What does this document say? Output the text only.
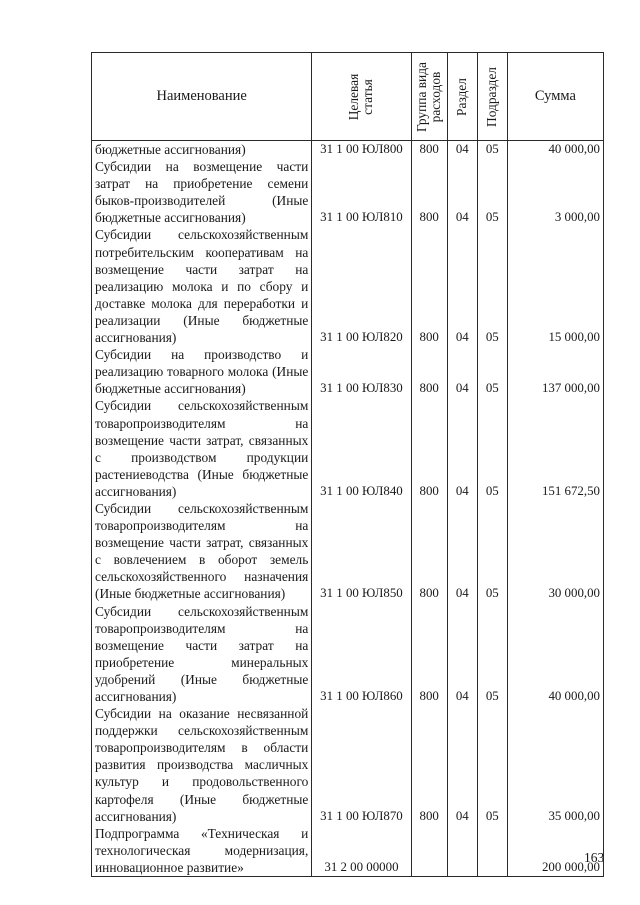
Наименование	Целевая статья	Группа вида расходов	Раздел	Подраздел	Сумма
бюджетные ассигнования)	31 1 00 ЮЛ800	800	04	05	40 000,00
Субсидии на возмещение части затрат на приобретение семени быков-производителей (Иные бюджетные ассигнования)	31 1 00 ЮЛ810	800	04	05	3 000,00
Субсидии сельскохозяйственным потребительским кооперативам на возмещение части затрат на реализацию молока и по сбору и доставке молока для переработки и реализации (Иные бюджетные ассигнования)	31 1 00 ЮЛ820	800	04	05	15 000,00
Субсидии на производство и реализацию товарного молока (Иные бюджетные ассигнования)	31 1 00 ЮЛ830	800	04	05	137 000,00
Субсидии сельскохозяйственным товаропроизводителям на возмещение части затрат, связанных с производством продукции растениеводства (Иные бюджетные ассигнования)	31 1 00 ЮЛ840	800	04	05	151 672,50
Субсидии сельскохозяйственным товаропроизводителям на возмещение части затрат, связанных с вовлечением в оборот земель сельскохозяйственного назначения (Иные бюджетные ассигнования)	31 1 00 ЮЛ850	800	04	05	30 000,00
Субсидии сельскохозяйственным товаропроизводителям на возмещение части затрат на приобретение минеральных удобрений (Иные бюджетные ассигнования)	31 1 00 ЮЛ860	800	04	05	40 000,00
Субсидии на оказание несвязанной поддержки сельскохозяйственным товаропроизводителям в области развития производства масличных культур и продовольственного картофеля (Иные бюджетные ассигнования)	31 1 00 ЮЛ870	800	04	05	35 000,00
Подпрограмма «Техническая и технологическая модернизация, инновационное развитие»	31 2 00 00000				200 000,00
163
